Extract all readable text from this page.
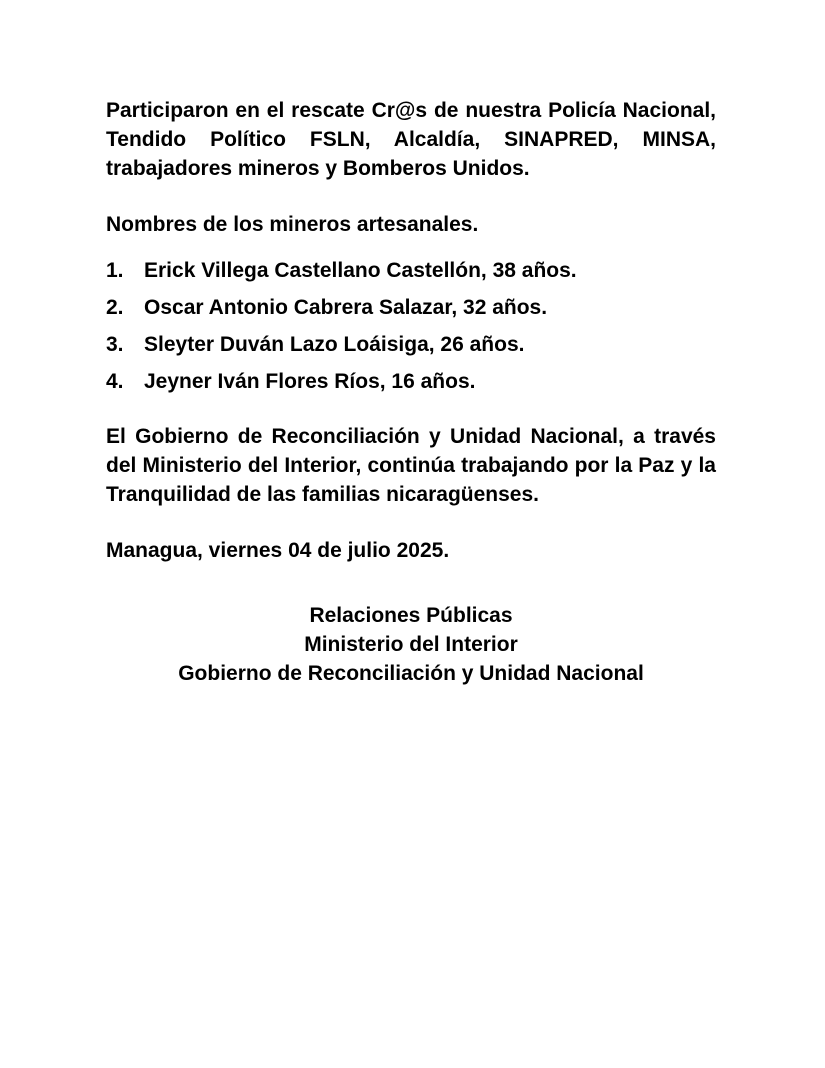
Participaron en el rescate Cr@s de nuestra Policía Nacional, Tendido Político FSLN, Alcaldía, SINAPRED, MINSA, trabajadores mineros y Bomberos Unidos.

Nombres de los mineros artesanales.

1. Erick Villega Castellano Castellón, 38 años.
2. Oscar Antonio Cabrera Salazar, 32 años.
3. Sleyter Duván Lazo Loáisiga, 26 años.
4. Jeyner Iván Flores Ríos, 16 años.

El Gobierno de Reconciliación y Unidad Nacional, a través del Ministerio del Interior, continúa trabajando por la Paz y la Tranquilidad de las familias nicaragüenses.

Managua, viernes 04 de julio 2025.

Relaciones Públicas
Ministerio del Interior
Gobierno de Reconciliación y Unidad Nacional
